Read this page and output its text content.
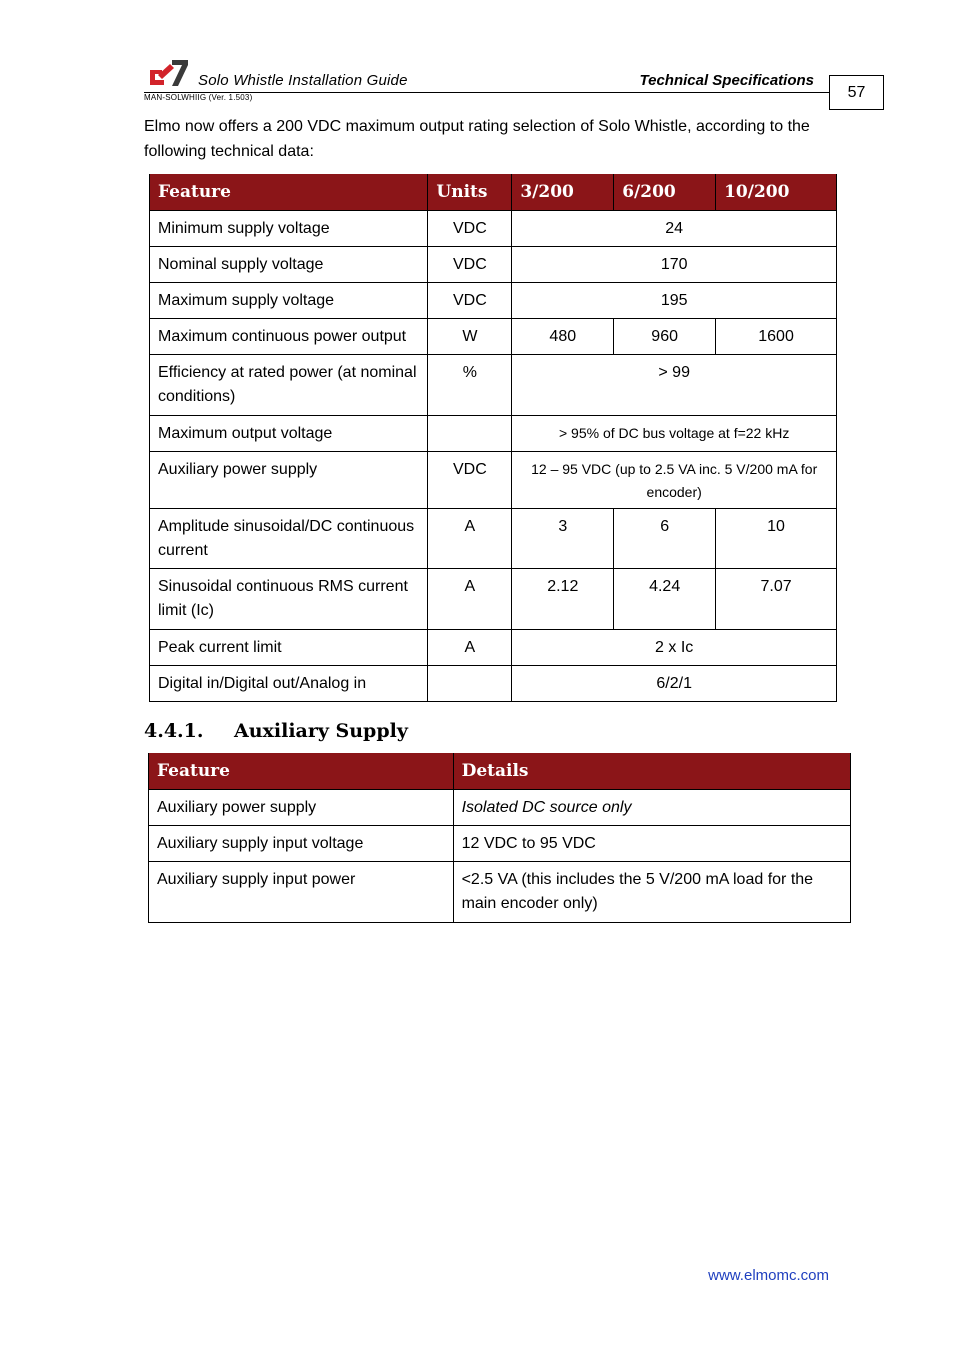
Solo Whistle Installation Guide	Technical Specifications
MAN-SOLWHIIG (Ver. 1.503)	57
Elmo now offers a 200 VDC maximum output rating selection of Solo Whistle, according to the following technical data:
Feature	Units	3/200	6/200	10/200
Minimum supply voltage	VDC	24		
Nominal supply voltage	VDC	170		
Maximum supply voltage	VDC	195		
Maximum continuous power output	W	480	960	1600
Efficiency at rated power (at nominal conditions)	%	> 99		
Maximum output voltage		> 95% of DC bus voltage at f=22 kHz		
Auxiliary power supply	VDC	12 – 95 VDC (up to 2.5 VA inc. 5 V/200 mA for encoder)		
Amplitude sinusoidal/DC continuous current	A	3	6	10
Sinusoidal continuous RMS current limit (Ic)	A	2.12	4.24	7.07
Peak current limit	A	2 x Ic		
Digital in/Digital out/Analog in		6/2/1		
4.4.1. Auxiliary Supply
Feature	Details
Auxiliary power supply	Isolated DC source only
Auxiliary supply input voltage	12 VDC to 95 VDC
Auxiliary supply input power	<2.5 VA (this includes the 5 V/200 mA load for the main encoder only)
www.elmomc.com
